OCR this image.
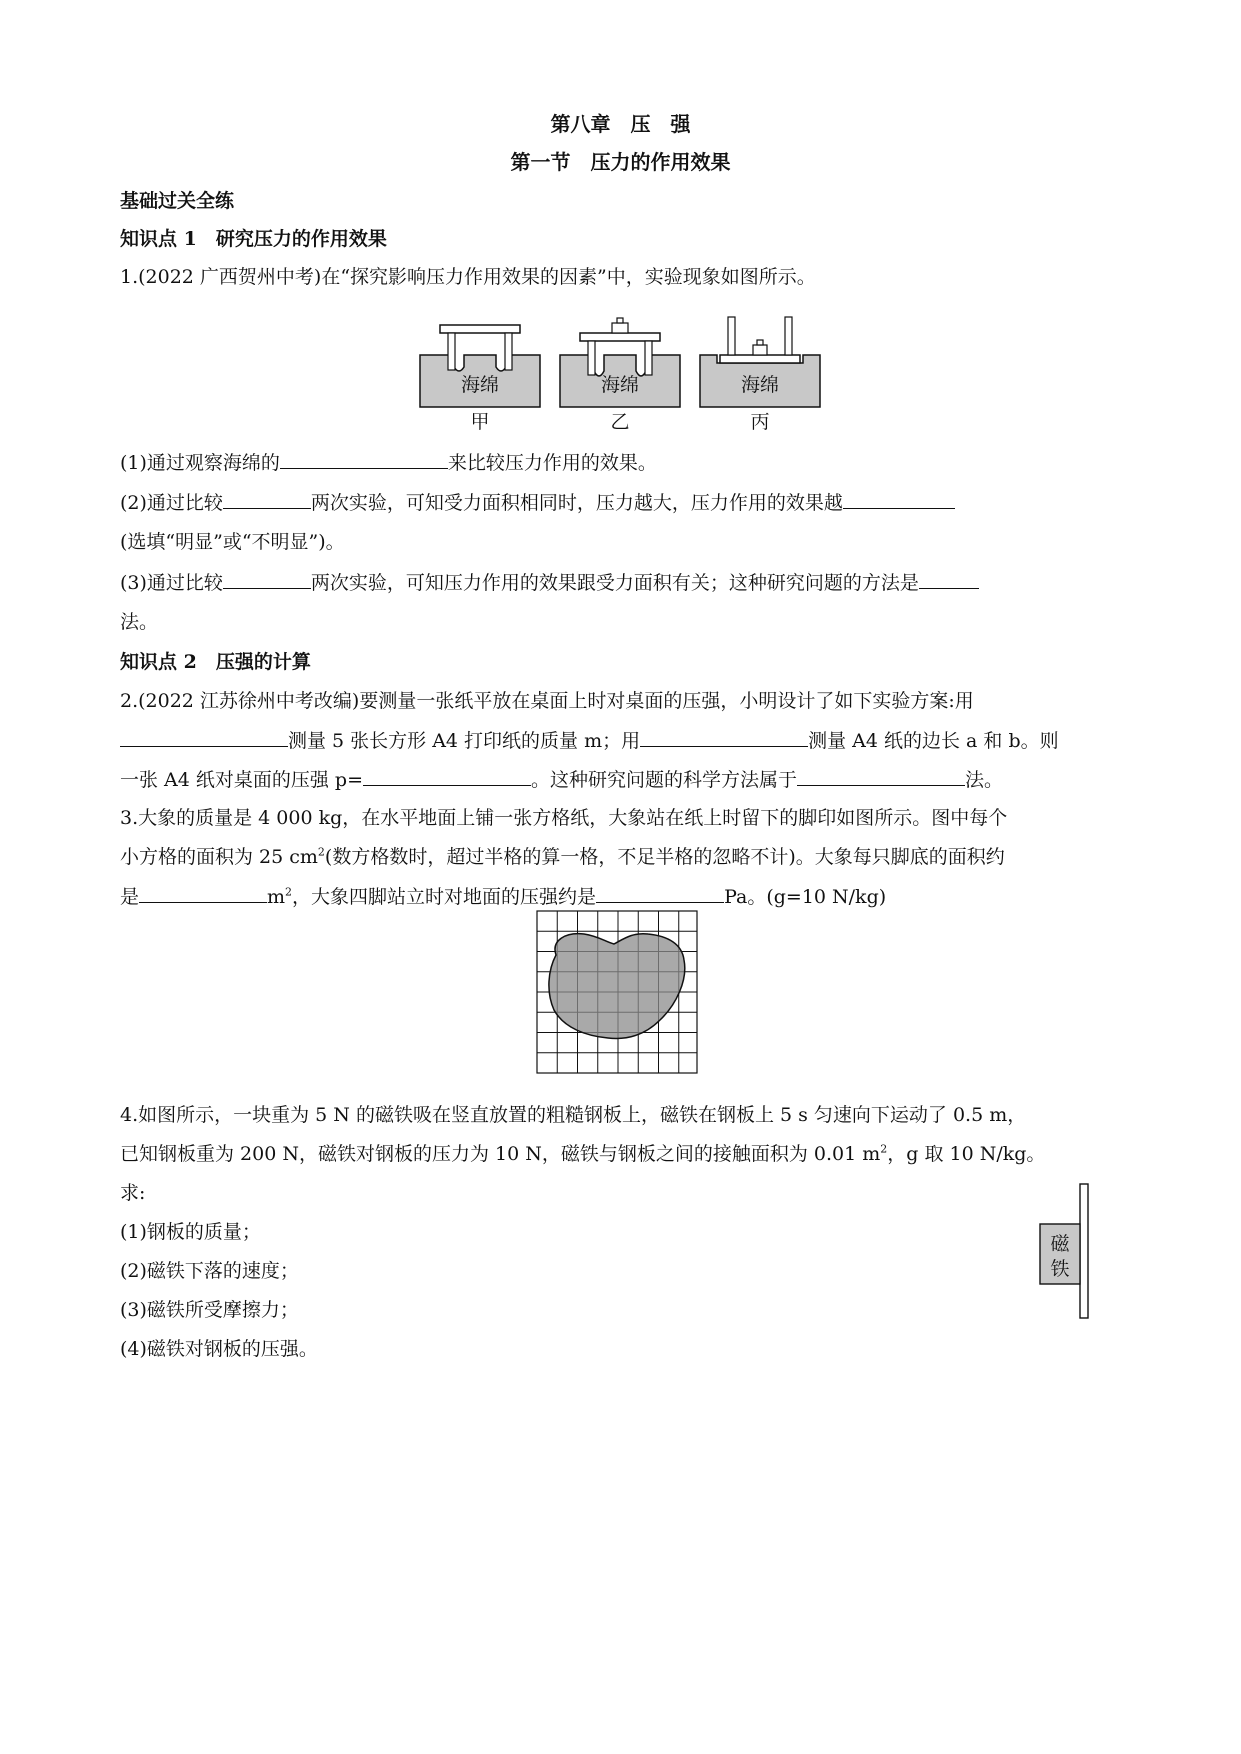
第八章　压　强
第一节　压力的作用效果
基础过关全练
知识点 1　研究压力的作用效果
1.(2022 广西贺州中考)在“探究影响压力作用效果的因素”中，实验现象如图所示。
海绵
甲
海绵
乙
海绵
丙
(1)通过观察海绵的	来比较压力作用的效果。
(2)通过比较	两次实验，可知受力面积相同时，压力越大，压力作用的效果越
(选填“明显”或“不明显”)。
(3)通过比较	两次实验，可知压力作用的效果跟受力面积有关；这种研究问题的方法是
法。
知识点 2　压强的计算
2.(2022 江苏徐州中考改编)要测量一张纸平放在桌面上时对桌面的压强，小明设计了如下实验方案:用
测量 5 张长方形 A4 打印纸的质量 m；用	测量 A4 纸的边长 a 和 b。则
一张 A4 纸对桌面的压强 p=	。这种研究问题的科学方法属于	法。
3.大象的质量是 4 000 kg，在水平地面上铺一张方格纸，大象站在纸上时留下的脚印如图所示。图中每个
小方格的面积为 25 $cm^2$(数方格数时，超过半格的算一格，不足半格的忽略不计)。大象每只脚底的面积约
是	$m^2$，大象四脚站立时对地面的压强约是	Pa。(g=10 N/kg)
4.如图所示，一块重为 5 N 的磁铁吸在竖直放置的粗糙钢板上，磁铁在钢板上 5 s 匀速向下运动了 0.5 m，
已知钢板重为 200 N，磁铁对钢板的压力为 10 N，磁铁与钢板之间的接触面积为 0.01 $m^2$，g 取 10 N/kg。
求:
(1)钢板的质量；
(2)磁铁下落的速度；
(3)磁铁所受摩擦力；
(4)磁铁对钢板的压强。
磁
铁
